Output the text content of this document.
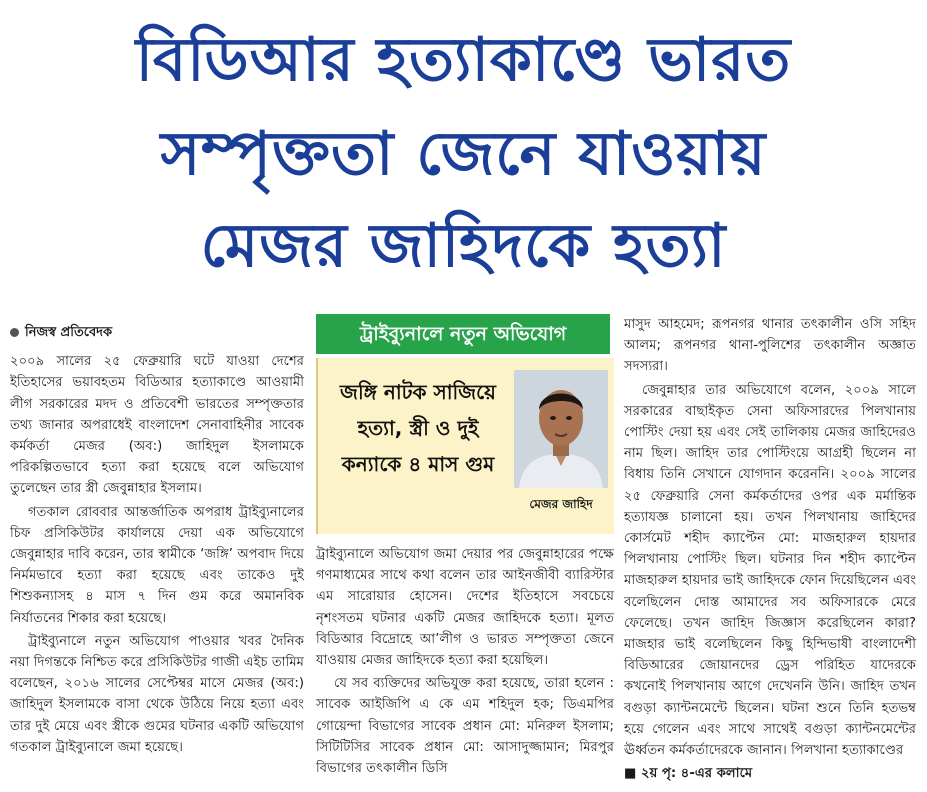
বিডিআর হত্যাকাণ্ডে ভারত
সম্পৃক্ততা জেনে যাওয়ায়
মেজর জাহিদকে হত্যা
নিজস্ব প্রতিবেদক

২০০৯ সালের ২৫ ফেব্রুয়ারি ঘটে যাওয়া দেশের ইতিহাসের ভয়াবহতম বিডিআর হত্যাকাণ্ডে আওয়ামী লীগ সরকারের মদদ ও প্রতিবেশী ভারতের সম্পৃক্ততার তথ্য জানার অপরাধেই বাংলাদেশ সেনাবাহিনীর সাবেক কর্মকর্তা মেজর (অব:) জাহিদুল ইসলামকে পরিকল্পিতভাবে হত্যা করা হয়েছে বলে অভিযোগ তুলেছেন তার স্ত্রী জেবুন্নাহার ইসলাম।

গতকাল রোববার আন্তর্জাতিক অপরাধ ট্রাইব্যুনালের চিফ প্রসিকিউটর কার্যালয়ে দেয়া এক অভিযোগে জেবুন্নাহার দাবি করেন, তার স্বামীকে ‘জঙ্গি’ অপবাদ দিয়ে নির্মমভাবে হত্যা করা হয়েছে এবং তাকেও দুই শিশুকন্যাসহ ৪ মাস ৭ দিন গুম করে অমানবিক নির্যাতনের শিকার করা হয়েছে।

ট্রাইব্যুনালে নতুন অভিযোগ পাওয়ার খবর দৈনিক নয়া দিগন্তকে নিশ্চিত করে প্রসিকিউটর গাজী এইচ তামিম বলেছেন, ২০১৬ সালের সেপ্টেম্বর মাসে মেজর (অব:) জাহিদুল ইসলামকে বাসা থেকে উঠিয়ে নিয়ে হত্যা এবং তার দুই মেয়ে এবং স্ত্রীকে গুমের ঘটনার একটি অভিযোগ গতকাল ট্রাইব্যুনালে জমা হয়েছে।

ট্রাইব্যুনালে নতুন অভিযোগ
জঙ্গি নাটক সাজিয়ে হত্যা, স্ত্রী ও দুই কন্যাকে ৪ মাস গুম
মেজর জাহিদ

ট্রাইব্যুনালে অভিযোগ জমা দেয়ার পর জেবুন্নাহারের পক্ষে গণমাধ্যমের সাথে কথা বলেন তার আইনজীবী ব্যারিস্টার এম সারোয়ার হোসেন। দেশের ইতিহাসে সবচেয়ে নৃশংসতম ঘটনার একটি মেজর জাহিদকে হত্যা। মূলত বিডিআর বিদ্রোহে আ’লীগ ও ভারত সম্পৃক্ততা জেনে যাওয়ায় মেজর জাহিদকে হত্যা করা হয়েছিল।

যে সব ব্যক্তিদের অভিযুক্ত করা হয়েছে, তারা হলেন : সাবেক আইজিপি এ কে এম শহিদুল হক; ডিএমপির গোয়েন্দা বিভাগের সাবেক প্রধান মো: মনিরুল ইসলাম; সিটিটিসির সাবেক প্রধান মো: আসাদুজ্জামান; মিরপুর বিভাগের তৎকালীন ডিসি

মাসুদ আহমেদ; রূপনগর থানার তৎকালীন ওসি সহিদ আলম; রূপনগর থানা-পুলিশের তৎকালীন অজ্ঞাত সদস্যরা।

জেবুন্নাহার তার অভিযোগে বলেন, ২০০৯ সালে সরকারের বাছাইকৃত সেনা অফিসারদের পিলখানায় পোস্টিং দেয়া হয় এবং সেই তালিকায় মেজর জাহিদেরও নাম ছিল। জাহিদ তার পোস্টিংয়ে আগ্রহী ছিলেন না বিধায় তিনি সেখানে যোগদান করেননি। ২০০৯ সালের ২৫ ফেব্রুয়ারি সেনা কর্মকর্তাদের ওপর এক মর্মান্তিক হত্যাযজ্ঞ চালানো হয়। তখন পিলখানায় জাহিদের কোর্সমেট শহীদ ক্যাপ্টেন মো: মাজহারুল হায়দার পিলখানায় পোস্টিং ছিল। ঘটনার দিন শহীদ ক্যাপ্টেন মাজহারুল হায়দার ভাই জাহিদকে ফোন দিয়েছিলেন এবং বলেছিলেন দোস্ত আমাদের সব অফিসারকে মেরে ফেলেছে। তখন জাহিদ জিজ্ঞাস করেছিলেন কারা? মাজহার ভাই বলেছিলেন কিছু হিন্দিভাষী বাংলাদেশী বিডিআরের জোয়ানদের ড্রেস পরিহিত যাদেরকে কখনোই পিলখানায় আগে দেখেননি উনি। জাহিদ তখন বগুড়া ক্যান্টনমেন্টে ছিলেন। ঘটনা শুনে তিনি হতভম্ব হয়ে গেলেন এবং সাথে সাথেই বগুড়া ক্যান্টনমেন্টের ঊর্ধ্বতন কর্মকর্তাদেরকে জানান। পিলখানা হত্যাকাণ্ডের

■ ২য় পৃ: ৪-এর কলামে
